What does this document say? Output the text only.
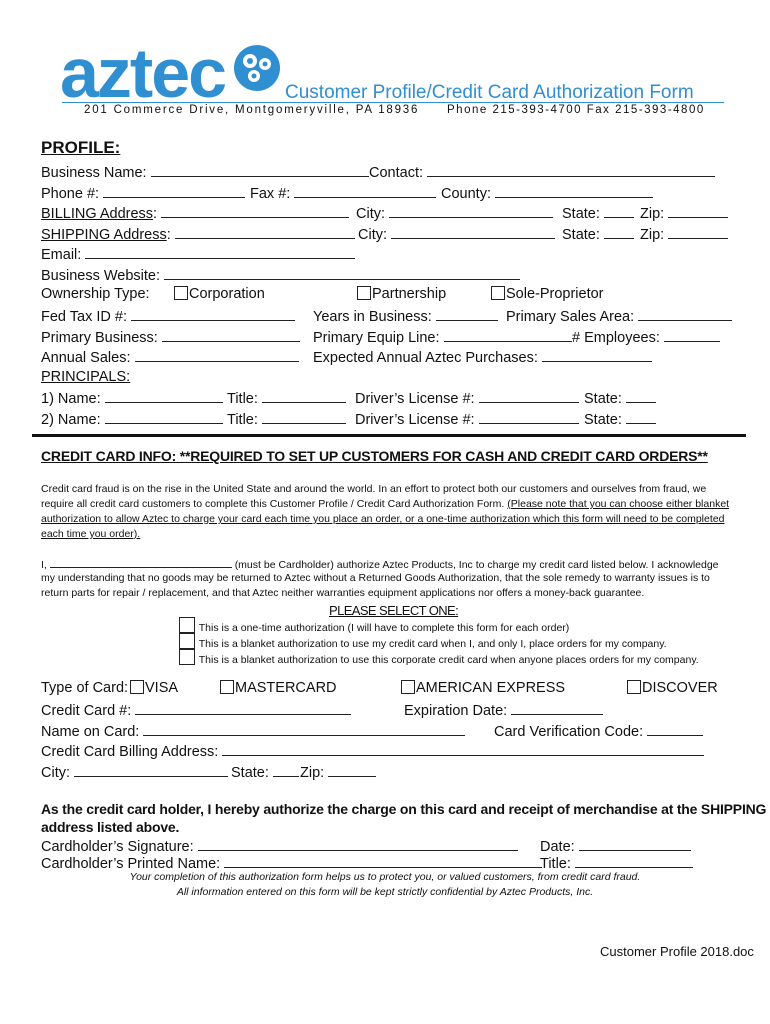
aztec	Customer Profile/Credit Card Authorization Form
201 Commerce Drive, Montgomeryville, PA 18936 Phone 215-393-4700 Fax 215-393-4800
PROFILE:
Business Name:	Contact:
Phone #:	Fax #:	County:
BILLING Address:	City:	State:	Zip:
SHIPPING Address:	City:	State:	Zip:
Email:
Business Website:
Ownership Type:	Corporation	Partnership	Sole-Proprietor
Fed Tax ID #:	Years in Business:	Primary Sales Area:
Primary Business:	Primary Equip Line:	# Employees:
Annual Sales:	Expected Annual Aztec Purchases:
PRINCIPALS:
1) Name:	Title:	Driver’s License #:	State:
2) Name:	Title:	Driver’s License #:	State:
CREDIT CARD INFO: **REQUIRED TO SET UP CUSTOMERS FOR CASH AND CREDIT CARD ORDERS**
Credit card fraud is on the rise in the United State and around the world. In an effort to protect both our customers and ourselves from fraud, we
require all credit card customers to complete this Customer Profile / Credit Card Authorization Form. (Please note that you can choose either blanket
authorization to allow Aztec to charge your card each time you place an order, or a one-time authorization which this form will need to be completed
each time you order).
I,	(must be Cardholder) authorize Aztec Products, Inc to charge my credit card listed below. I acknowledge
my understanding that no goods may be returned to Aztec without a Returned Goods Authorization, that the sole remedy to warranty issues is to
return parts for repair / replacement, and that Aztec neither warranties equipment applications nor offers a money-back guarantee.
PLEASE SELECT ONE:
This is a one-time authorization (I will have to complete this form for each order)
This is a blanket authorization to use my credit card when I, and only I, place orders for my company.
This is a blanket authorization to use this corporate credit card when anyone places orders for my company.
Type of Card:	VISA	MASTERCARD	AMERICAN EXPRESS	DISCOVER
Credit Card #:	Expiration Date:
Name on Card:	Card Verification Code:
Credit Card Billing Address:
City:	State:	Zip:
As the credit card holder, I hereby authorize the charge on this card and receipt of merchandise at the SHIPPING
address listed above.
Cardholder’s Signature:	Date:
Cardholder’s Printed Name:	Title:
Your completion of this authorization form helps us to protect you, or valued customers, from credit card fraud.
All information entered on this form will be kept strictly confidential by Aztec Products, Inc.
Customer Profile 2018.doc
